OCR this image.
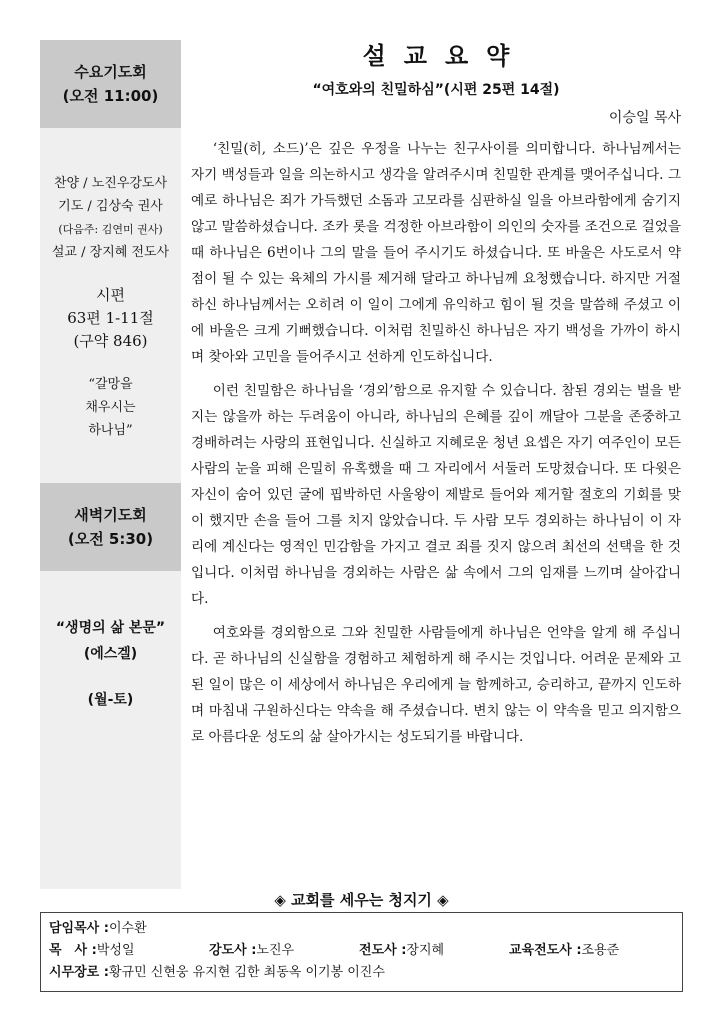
수요기도회
(오전 11:00)
찬양 / 노진우강도사
기도 / 김상숙 권사
(다음주: 김연미 권사)
설교 / 장지혜 전도사
시편
63편 1-11절
(구약 846)
“갈망을
채우시는
하나님”
새벽기도회
(오전 5:30)
“생명의 삶 본문”
(에스겔)
(월-토)
설교요약
“여호와의 친밀하심”(시편 25편 14절)
이승일 목사

‘친밀(히, 소드)’은 깊은 우정을 나누는 친구사이를 의미합니다. 하나님께서는 자기 백성들과 일을 의논하시고 생각을 알려주시며 친밀한 관계를 맺어주십니다. 그 예로 하나님은 죄가 가득했던 소돔과 고모라를 심판하실 일을 아브라함에게 숨기지 않고 말씀하셨습니다. 조카 롯을 걱정한 아브라함이 의인의 숫자를 조건으로 걸었을 때 하나님은 6번이나 그의 말을 들어 주시기도 하셨습니다. 또 바울은 사도로서 약점이 될 수 있는 육체의 가시를 제거해 달라고 하나님께 요청했습니다. 하지만 거절하신 하나님께서는 오히려 이 일이 그에게 유익하고 힘이 될 것을 말씀해 주셨고 이에 바울은 크게 기뻐했습니다. 이처럼 친밀하신 하나님은 자기 백성을 가까이 하시며 찾아와 고민을 들어주시고 선하게 인도하십니다.

이런 친밀함은 하나님을 ‘경외’함으로 유지할 수 있습니다. 참된 경외는 벌을 받지는 않을까 하는 두려움이 아니라, 하나님의 은혜를 깊이 깨달아 그분을 존중하고 경배하려는 사랑의 표현입니다. 신실하고 지혜로운 청년 요셉은 자기 여주인이 모든 사람의 눈을 피해 은밀히 유혹했을 때 그 자리에서 서둘러 도망쳤습니다. 또 다윗은 자신이 숨어 있던 굴에 핍박하던 사울왕이 제발로 들어와 제거할 절호의 기회를 맞이 했지만 손을 들어 그를 치지 않았습니다. 두 사람 모두 경외하는 하나님이 이 자리에 계신다는 영적인 민감함을 가지고 결코 죄를 짓지 않으려 최선의 선택을 한 것입니다. 이처럼 하나님을 경외하는 사람은 삶 속에서 그의 임재를 느끼며 살아갑니다.

여호와를 경외함으로 그와 친밀한 사람들에게 하나님은 언약을 알게 해 주십니다. 곧 하나님의 신실함을 경험하고 체험하게 해 주시는 것입니다. 어려운 문제와 고된 일이 많은 이 세상에서 하나님은 우리에게 늘 함께하고, 승리하고, 끝까지 인도하며 마침내 구원하신다는 약속을 해 주셨습니다. 변치 않는 이 약속을 믿고 의지함으로 아름다운 성도의 삶 살아가시는 성도되기를 바랍니다.

◈ 교회를 세우는 청지기 ◈
담임목사 : 이수환
목　사 :박성일	강도사 :노진우	전도사 :장지혜	교육전도사 :조용준
시무장로 : 황규민 신현웅 유지현 김한 최동옥 이기봉 이진수
